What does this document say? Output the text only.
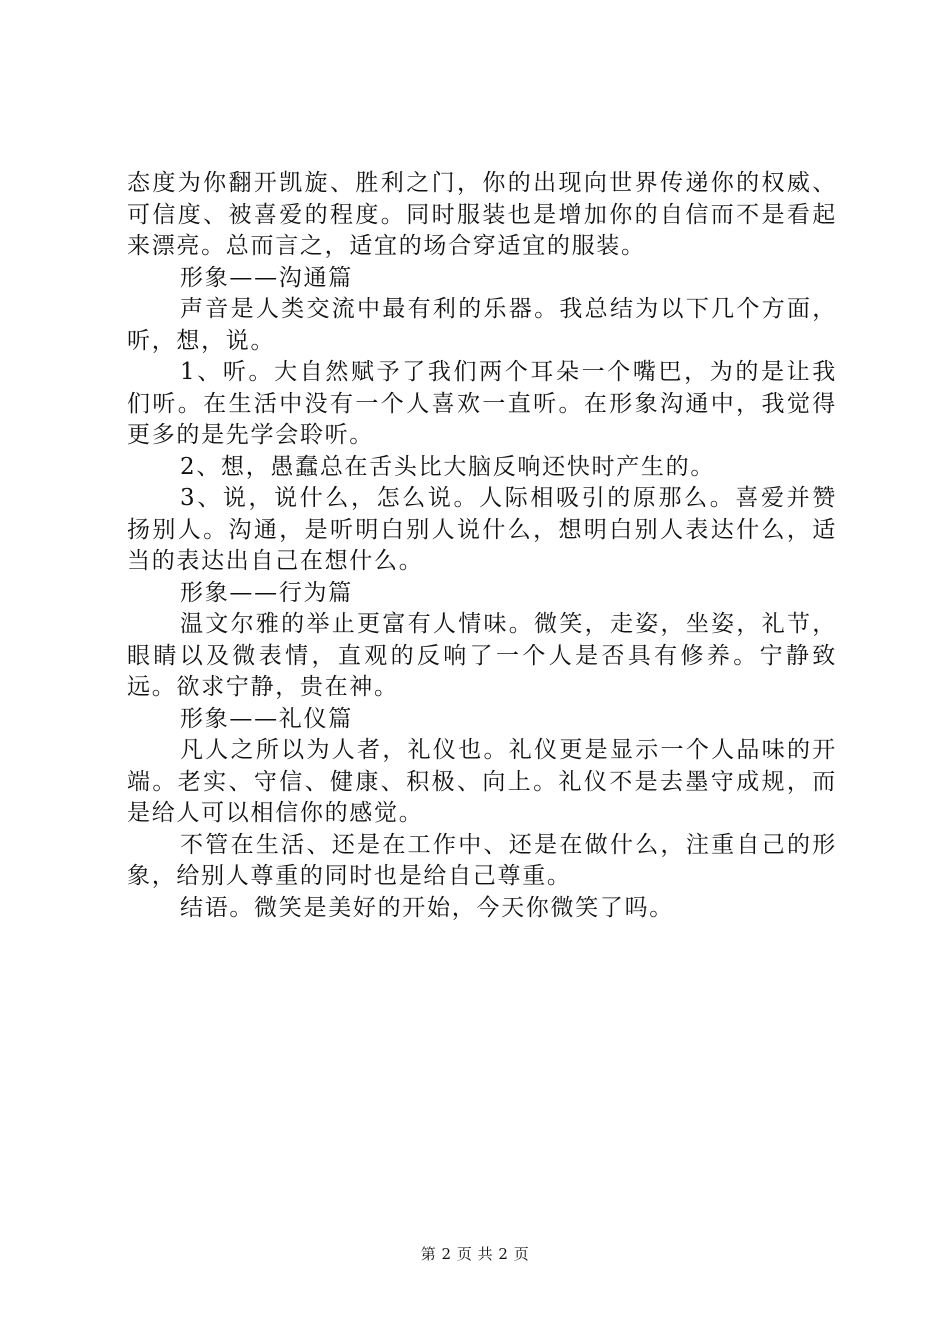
态度为你翻开凯旋、胜利之门，你的出现向世界传递你的权威、可信度、被喜爱的程度。同时服装也是增加你的自信而不是看起来漂亮。总而言之，适宜的场合穿适宜的服装。

形象——沟通篇

声音是人类交流中最有利的乐器。我总结为以下几个方面，听，想，说。

1、听。大自然赋予了我们两个耳朵一个嘴巴，为的是让我们听。在生活中没有一个人喜欢一直听。在形象沟通中，我觉得更多的是先学会聆听。

2、想，愚蠢总在舌头比大脑反响还快时产生的。

3、说，说什么，怎么说。人际相吸引的原那么。喜爱并赞扬别人。沟通，是听明白别人说什么，想明白别人表达什么，适当的表达出自己在想什么。

形象——行为篇

温文尔雅的举止更富有人情味。微笑，走姿，坐姿，礼节，眼睛以及微表情，直观的反响了一个人是否具有修养。宁静致远。欲求宁静，贵在神。

形象——礼仪篇

凡人之所以为人者，礼仪也。礼仪更是显示一个人品味的开端。老实、守信、健康、积极、向上。礼仪不是去墨守成规，而是给人可以相信你的感觉。

不管在生活、还是在工作中、还是在做什么，注重自己的形象，给别人尊重的同时也是给自己尊重。

结语。微笑是美好的开始，今天你微笑了吗。

第 2 页 共 2 页
